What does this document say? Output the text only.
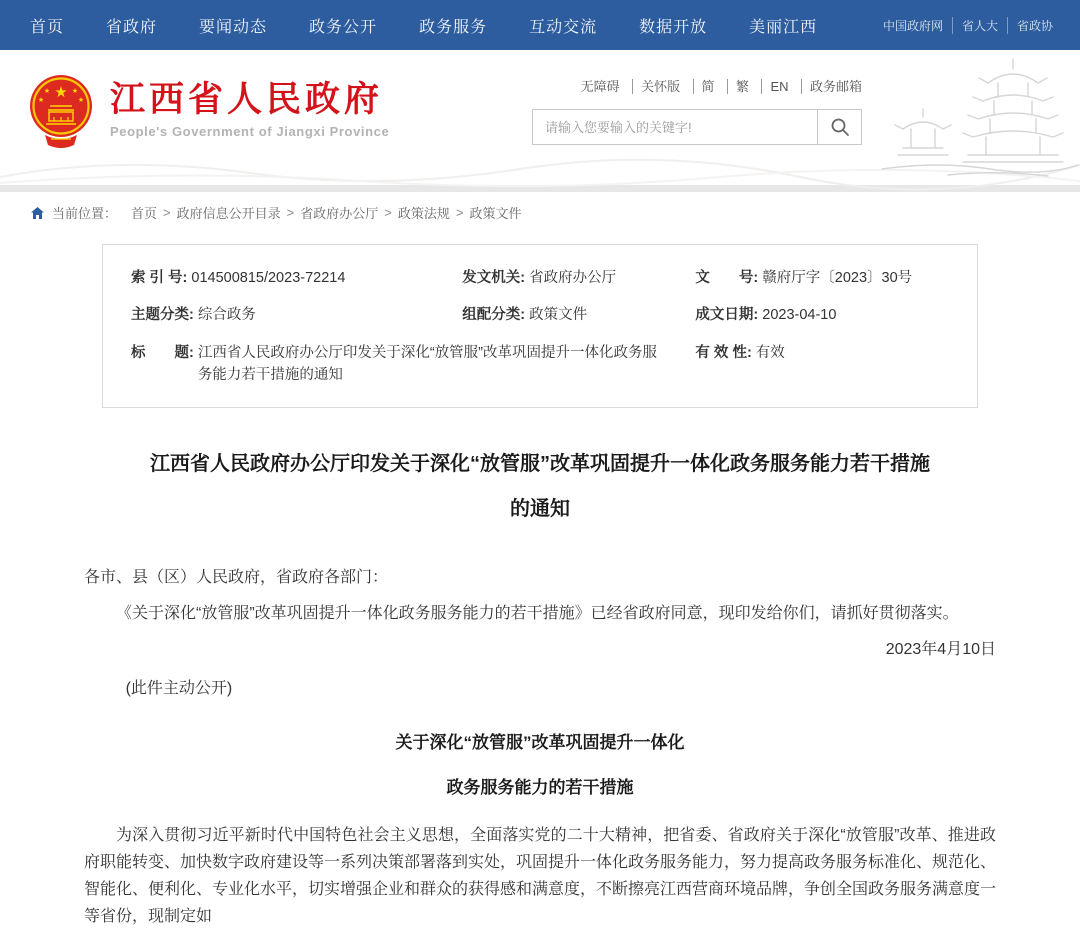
首页	省政府	要闻动态	政务公开	政务服务	互动交流	数据开放	美丽江西	中国政府网	省人大	省政协
★
★	★
★	★ 江西省人民政府
People's Government of Jiangxi Province
无障碍 关怀版 简 繁 EN 政务邮箱
请输入您要输入的关键字!
当前位置： 首页 > 政府信息公开目录 > 省政府办公厅 > 政策法规 > 政策文件
索 引 号: 014500815/2023-72214	发文机关: 省政府办公厅	文　　号: 赣府厅字〔2023〕30号
主题分类: 综合政务	组配分类: 政策文件	成文日期: 2023-04-10
标　　题: 江西省人民政府办公厅印发关于深化“放管服”改革巩固提升一体化政务服务能力若干措施的通知
有 效 性: 有效
江西省人民政府办公厅印发关于深化“放管服”改革巩固提升一体化政务服务能力若干措施
的通知

各市、县（区）人民政府，省政府各部门：

《关于深化“放管服”改革巩固提升一体化政务服务能力的若干措施》已经省政府同意，现印发给你们，请抓好贯彻落实。

2023年4月10日

(此件主动公开)

关于深化“放管服”改革巩固提升一体化
政务服务能力的若干措施

为深入贯彻习近平新时代中国特色社会主义思想，全面落实党的二十大精神，把省委、省政府关于深化“放管服”改革、推进政府职能转变、加快数字政府建设等一系列决策部署落到实处，巩固提升一体化政务服务能力，努力提高政务服务标准化、规范化、智能化、便利化、专业化水平，切实增强企业和群众的获得感和满意度，不断擦亮江西营商环境品牌，争创全国政务服务满意度一等省份，现制定如
